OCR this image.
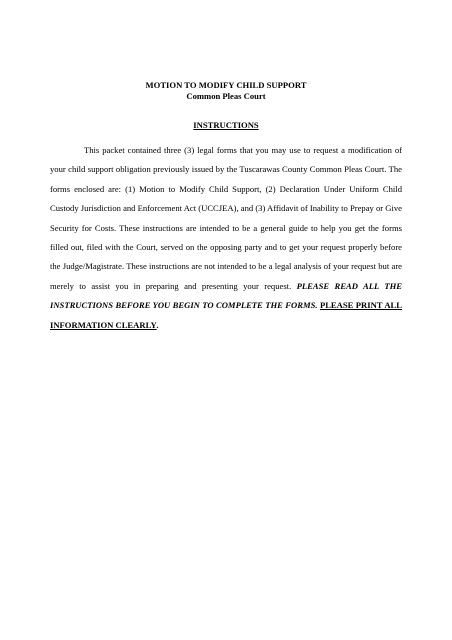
MOTION TO MODIFY CHILD SUPPORT
Common Pleas Court
INSTRUCTIONS

This packet contained three (3) legal forms that you may use to request a modification of your child support obligation previously issued by the Tuscarawas County Common Pleas Court. The forms enclosed are: (1) Motion to Modify Child Support, (2) Declaration Under Uniform Child Custody Jurisdiction and Enforcement Act (UCCJEA), and (3) Affidavit of Inability to Prepay or Give Security for Costs. These instructions are intended to be a general guide to help you get the forms filled out, filed with the Court, served on the opposing party and to get your request properly before the Judge/Magistrate. These instructions are not intended to be a legal analysis of your request but are merely to assist you in preparing and presenting your request. PLEASE READ ALL THE INSTRUCTIONS BEFORE YOU BEGIN TO COMPLETE THE FORMS. PLEASE PRINT ALL INFORMATION CLEARLY.
